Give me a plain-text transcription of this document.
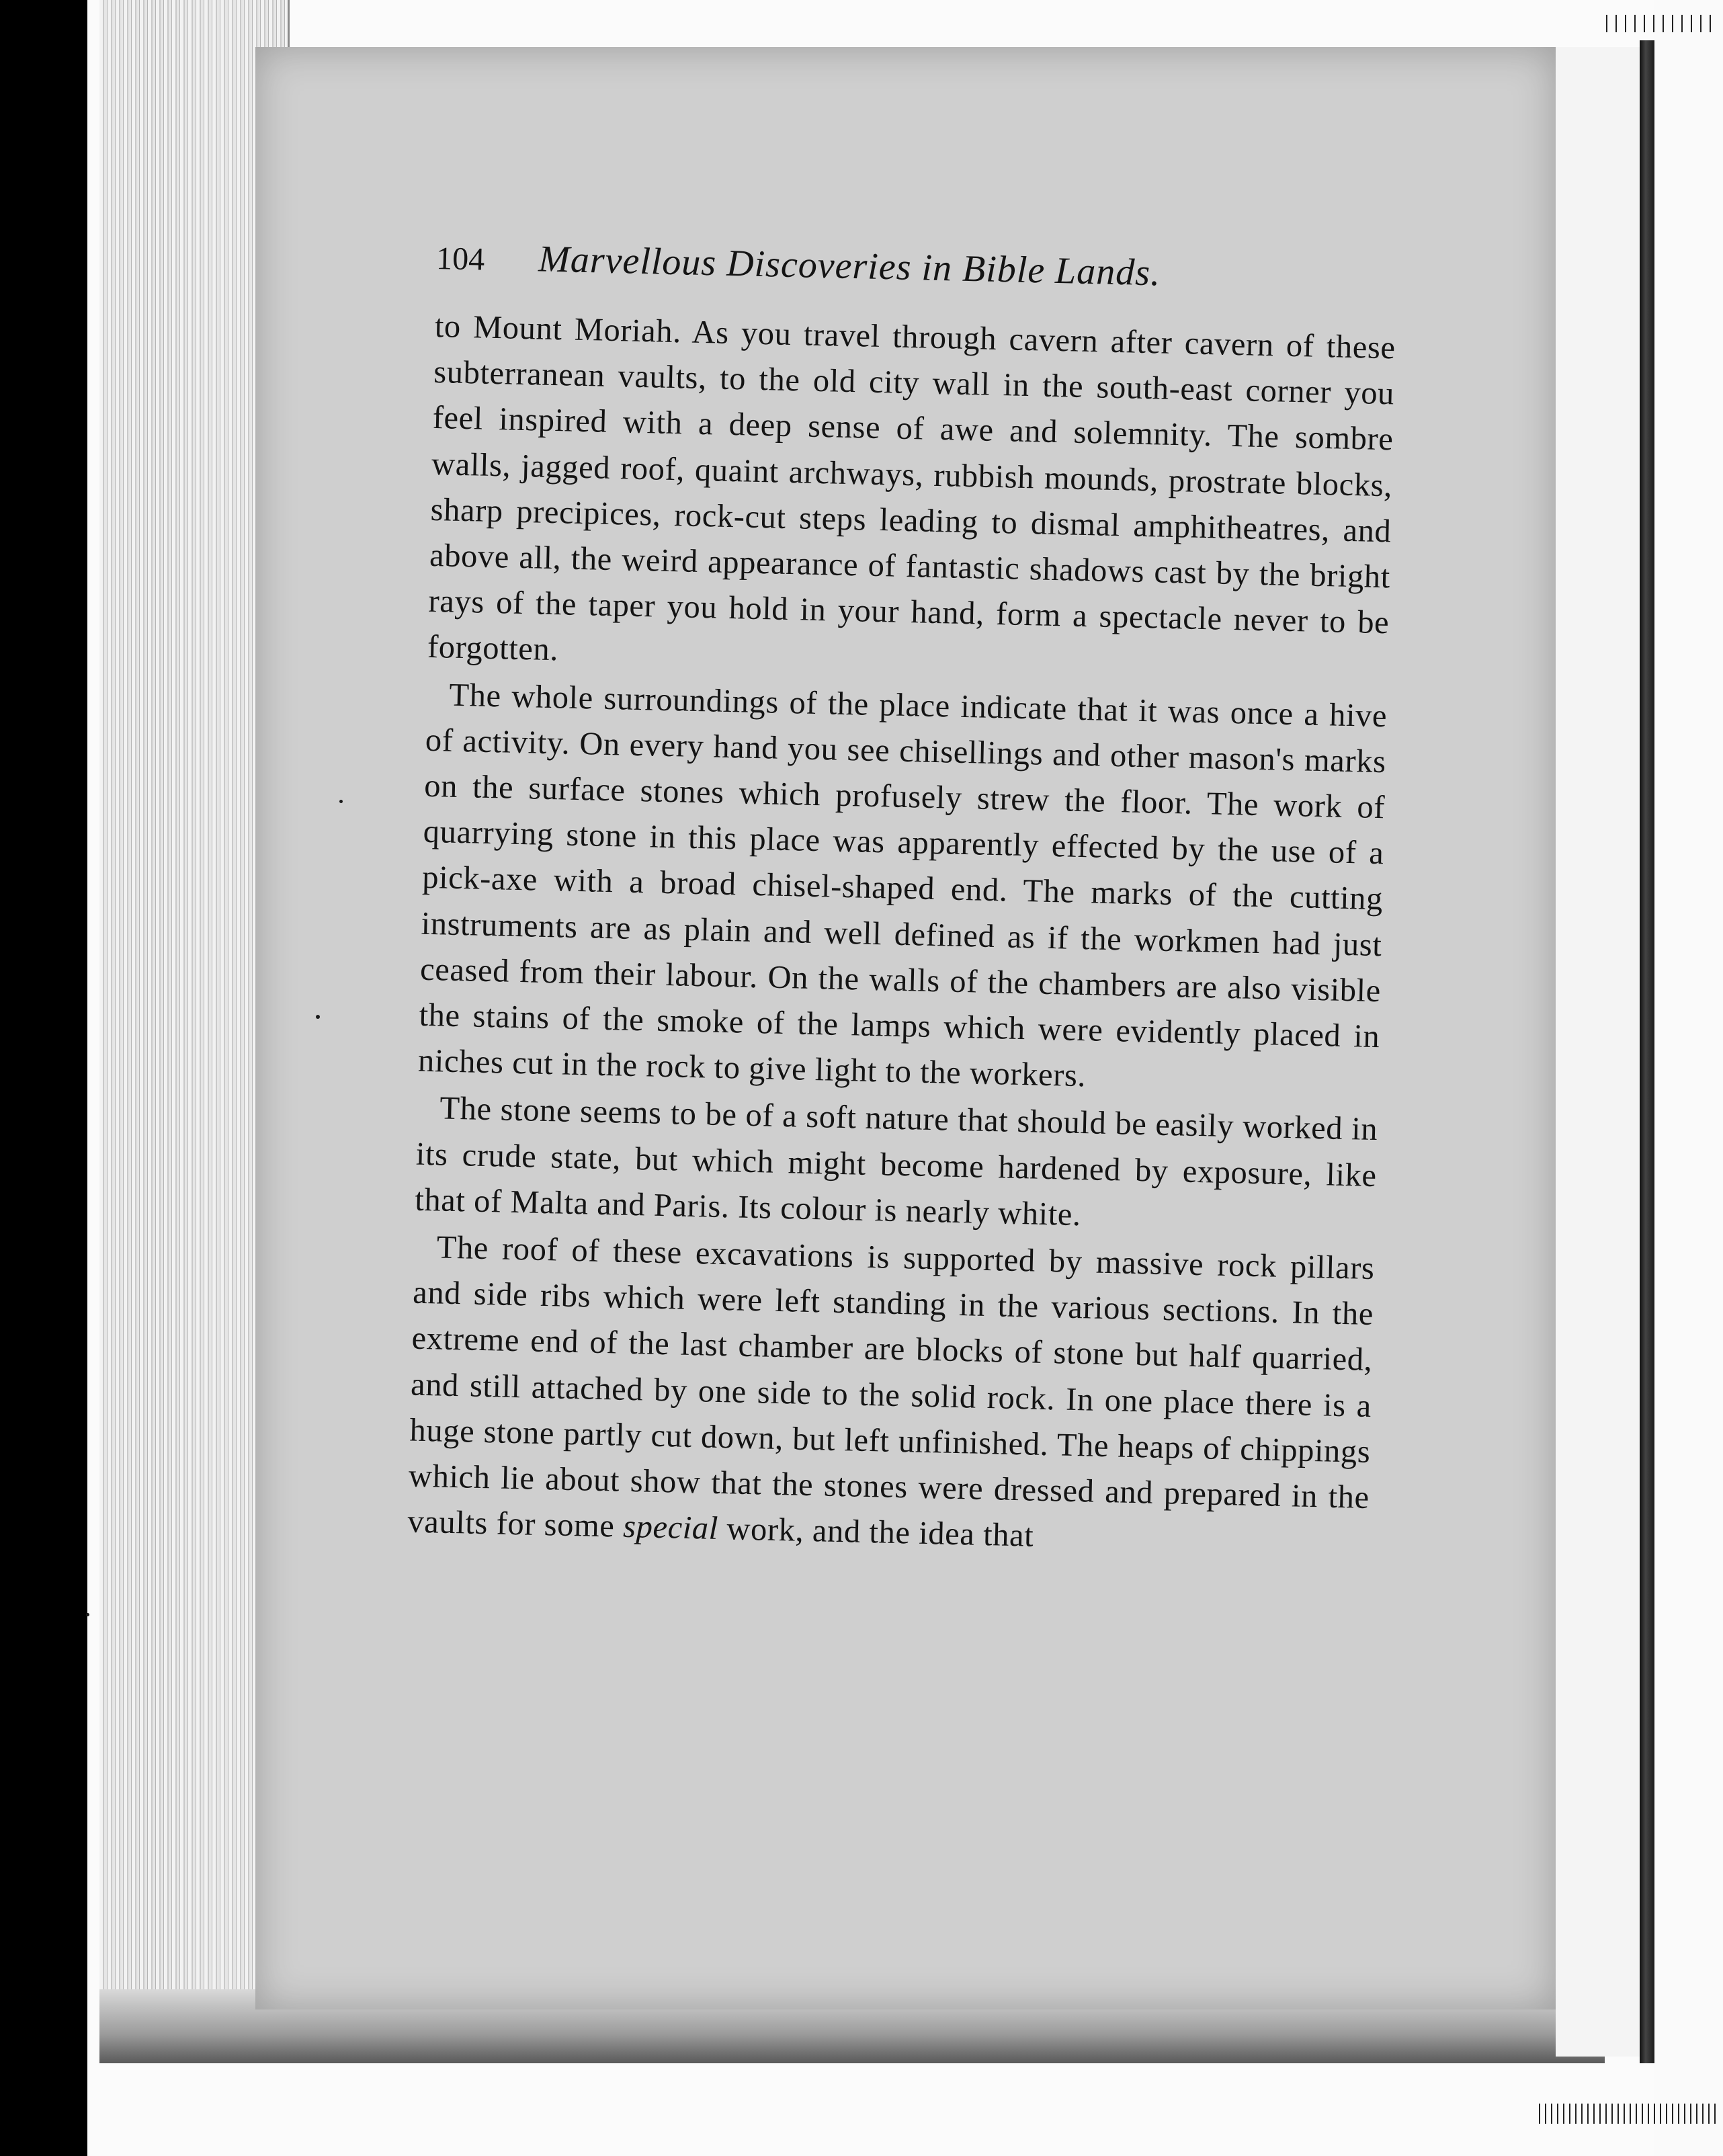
104	Marvellous Discoveries in Bible Lands.

to Mount Moriah. As you travel through cavern after cavern of these subterranean vaults, to the old city wall in the south-east corner you feel inspired with a deep sense of awe and solemnity. The sombre walls, jagged roof, quaint archways, rubbish mounds, prostrate blocks, sharp precipices, rock-cut steps leading to dismal amphitheatres, and above all, the weird appearance of fantastic shadows cast by the bright rays of the taper you hold in your hand, form a spectacle never to be forgotten.

The whole surroundings of the place indicate that it was once a hive of activity. On every hand you see chisellings and other mason's marks on the surface stones which profusely strew the floor. The work of quarrying stone in this place was apparently effected by the use of a pick-axe with a broad chisel-shaped end. The marks of the cutting instruments are as plain and well defined as if the workmen had just ceased from their labour. On the walls of the chambers are also visible the stains of the smoke of the lamps which were evidently placed in niches cut in the rock to give light to the workers.

The stone seems to be of a soft nature that should be easily worked in its crude state, but which might become hardened by exposure, like that of Malta and Paris. Its colour is nearly white.

The roof of these excavations is supported by massive rock pillars and side ribs which were left standing in the various sections. In the extreme end of the last chamber are blocks of stone but half quarried, and still attached by one side to the solid rock. In one place there is a huge stone partly cut down, but left unfinished. The heaps of chippings which lie about show that the stones were dressed and prepared in the vaults for some special work, and the idea that
